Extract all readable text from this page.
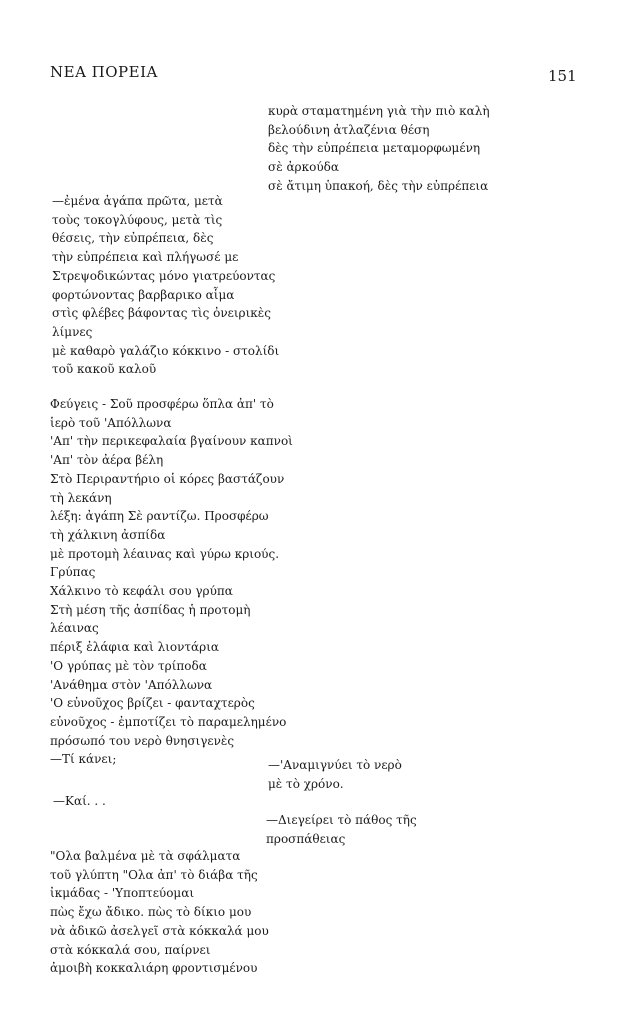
ΝΕΑ ΠΟΡΕΙΑ	151
κυρὰ σταματημένη γιὰ τὴν πιὸ καλὴ
βελούδινη ἀτλαζένια θέση
δὲς τὴν εὐπρέπεια μεταμορφωμένη
σὲ ἀρκούδα
σὲ ἄτιμη ὑπακοή, δὲς τὴν εὐπρέπεια
—ἐμένα ἀγάπα πρῶτα, μετὰ
τοὺς τοκογλύφους, μετὰ τὶς
θέσεις, τὴν εὐπρέπεια, δὲς
τὴν εὐπρέπεια καὶ πλήγωσέ με
Στρεψοδικώντας μόνο γιατρεύοντας
φορτώνοντας βαρβαρικο αἷμα
στὶς φλέβες βάφοντας τὶς ὀνειρικὲς
λίμνες
μὲ καθαρὸ γαλάζιο κόκκινο - στολίδι
τοῦ κακοῦ καλοῦ
Φεύγεις - Σοῦ προσφέρω ὅπλα ἀπ' τὸ
ἱερὸ τοῦ 'Απόλλωνα
'Απ' τὴν περικεφαλαία βγαίνουν καπνοὶ
'Απ' τὸν ἀέρα βέλη
Στὸ Περιραντήριο οἱ κόρες βαστάζουν
τὴ λεκάνη
λέξη: ἀγάπη Σὲ ραντίζω. Προσφέρω
τὴ χάλκινη ἀσπίδα
μὲ προτομὴ λέαινας καὶ γύρω κριούς.
Γρύπας
Χάλκινο τὸ κεφάλι σου γρύπα
Στὴ μέση τῆς ἀσπίδας ἡ προτομὴ
λέαινας
πέριξ ἐλάφια καὶ λιοντάρια
'Ο γρύπας μὲ τὸν τρίποδα
'Ανάθημα στὸν 'Απόλλωνα
'Ο εὐνοῦχος βρίζει - φανταχτερὸς
εὐνοῦχος - ἐμποτίζει τὸ παραμελημένο
πρόσωπό του νερὸ θνησιγενὲς
—Τί κάνει;	—'Αναμιγνύει τὸ νερὸ
μὲ τὸ χρόνο.
—Καί. . .
—Διεγείρει τὸ πάθος τῆς
προσπάθειας
"Ολα βαλμένα μὲ τὰ σφάλματα
τοῦ γλύπτη "Ολα ἀπ' τὸ διάβα τῆς
ἰκμάδας - 'Υποπτεύομαι
πὼς ἔχω ἄδικο. πὼς τὸ δίκιο μου
νὰ ἀδικῶ ἀσελγεῖ στὰ κόκκαλά μου
στὰ κόκκαλά σου, παίρνει
ἀμοιβὴ κοκκαλιάρη φροντισμένου
